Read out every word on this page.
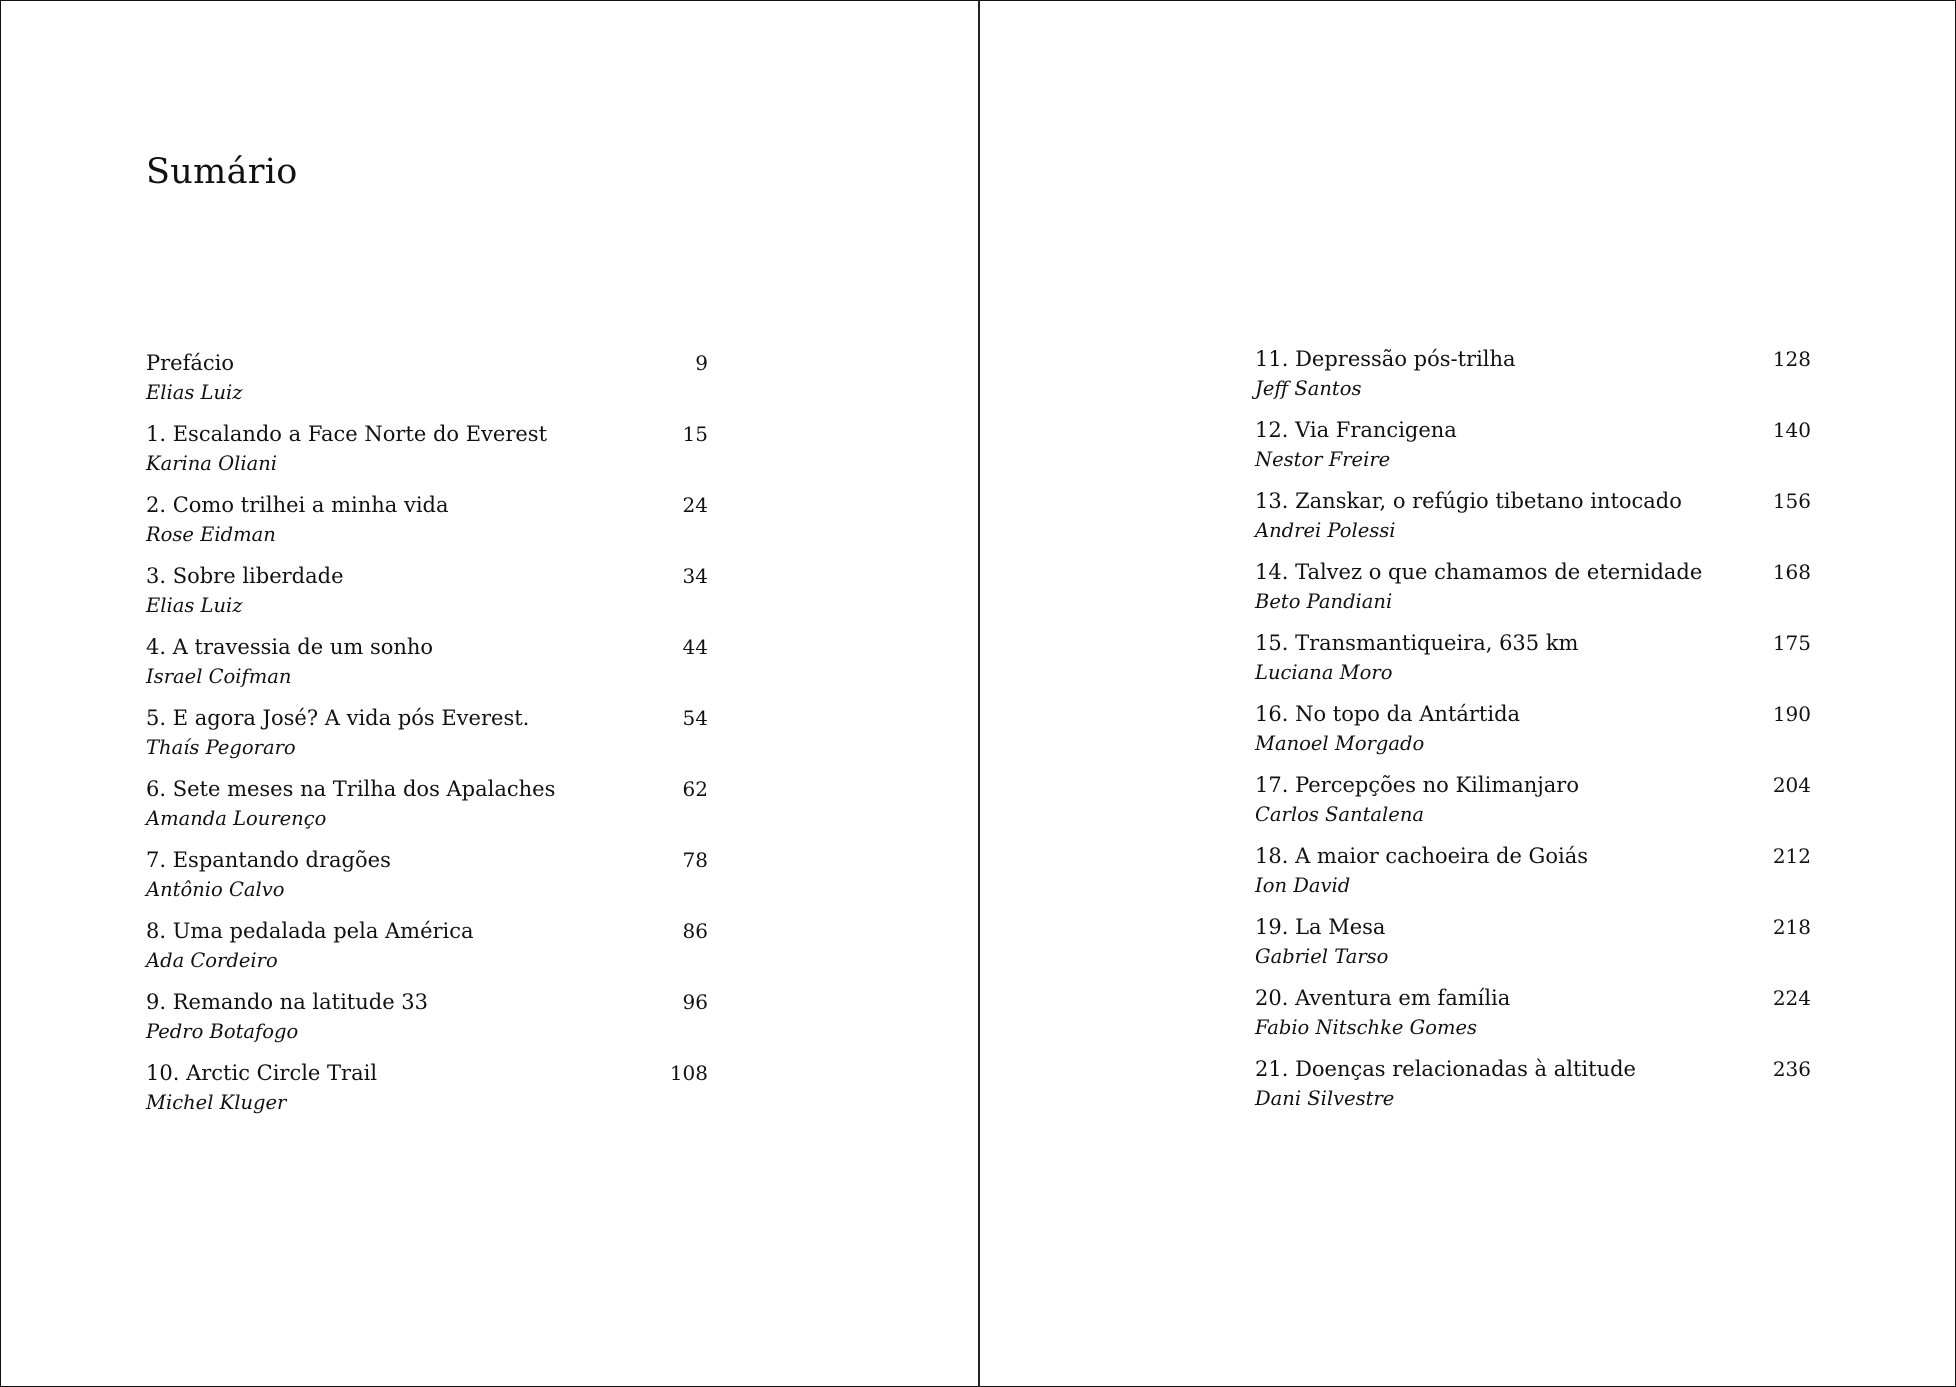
Sumário
Prefácio	9
Elias Luiz
1. Escalando a Face Norte do Everest	15
Karina Oliani
2. Como trilhei a minha vida	24
Rose Eidman
3. Sobre liberdade	34
Elias Luiz
4. A travessia de um sonho	44
Israel Coifman
5. E agora José? A vida pós Everest.	54
Thaís Pegoraro
6. Sete meses na Trilha dos Apalaches	62
Amanda Lourenço
7. Espantando dragões	78
Antônio Calvo
8. Uma pedalada pela América	86
Ada Cordeiro
9. Remando na latitude 33	96
Pedro Botafogo
10. Arctic Circle Trail	108
Michel Kluger
11. Depressão pós-trilha	128
Jeff Santos
12. Via Francigena	140
Nestor Freire
13. Zanskar, o refúgio tibetano intocado	156
Andrei Polessi
14. Talvez o que chamamos de eternidade	168
Beto Pandiani
15. Transmantiqueira, 635 km	175
Luciana Moro
16. No topo da Antártida	190
Manoel Morgado
17. Percepções no Kilimanjaro	204
Carlos Santalena
18. A maior cachoeira de Goiás	212
Ion David
19. La Mesa	218
Gabriel Tarso
20. Aventura em família	224
Fabio Nitschke Gomes
21. Doenças relacionadas à altitude	236
Dani Silvestre
